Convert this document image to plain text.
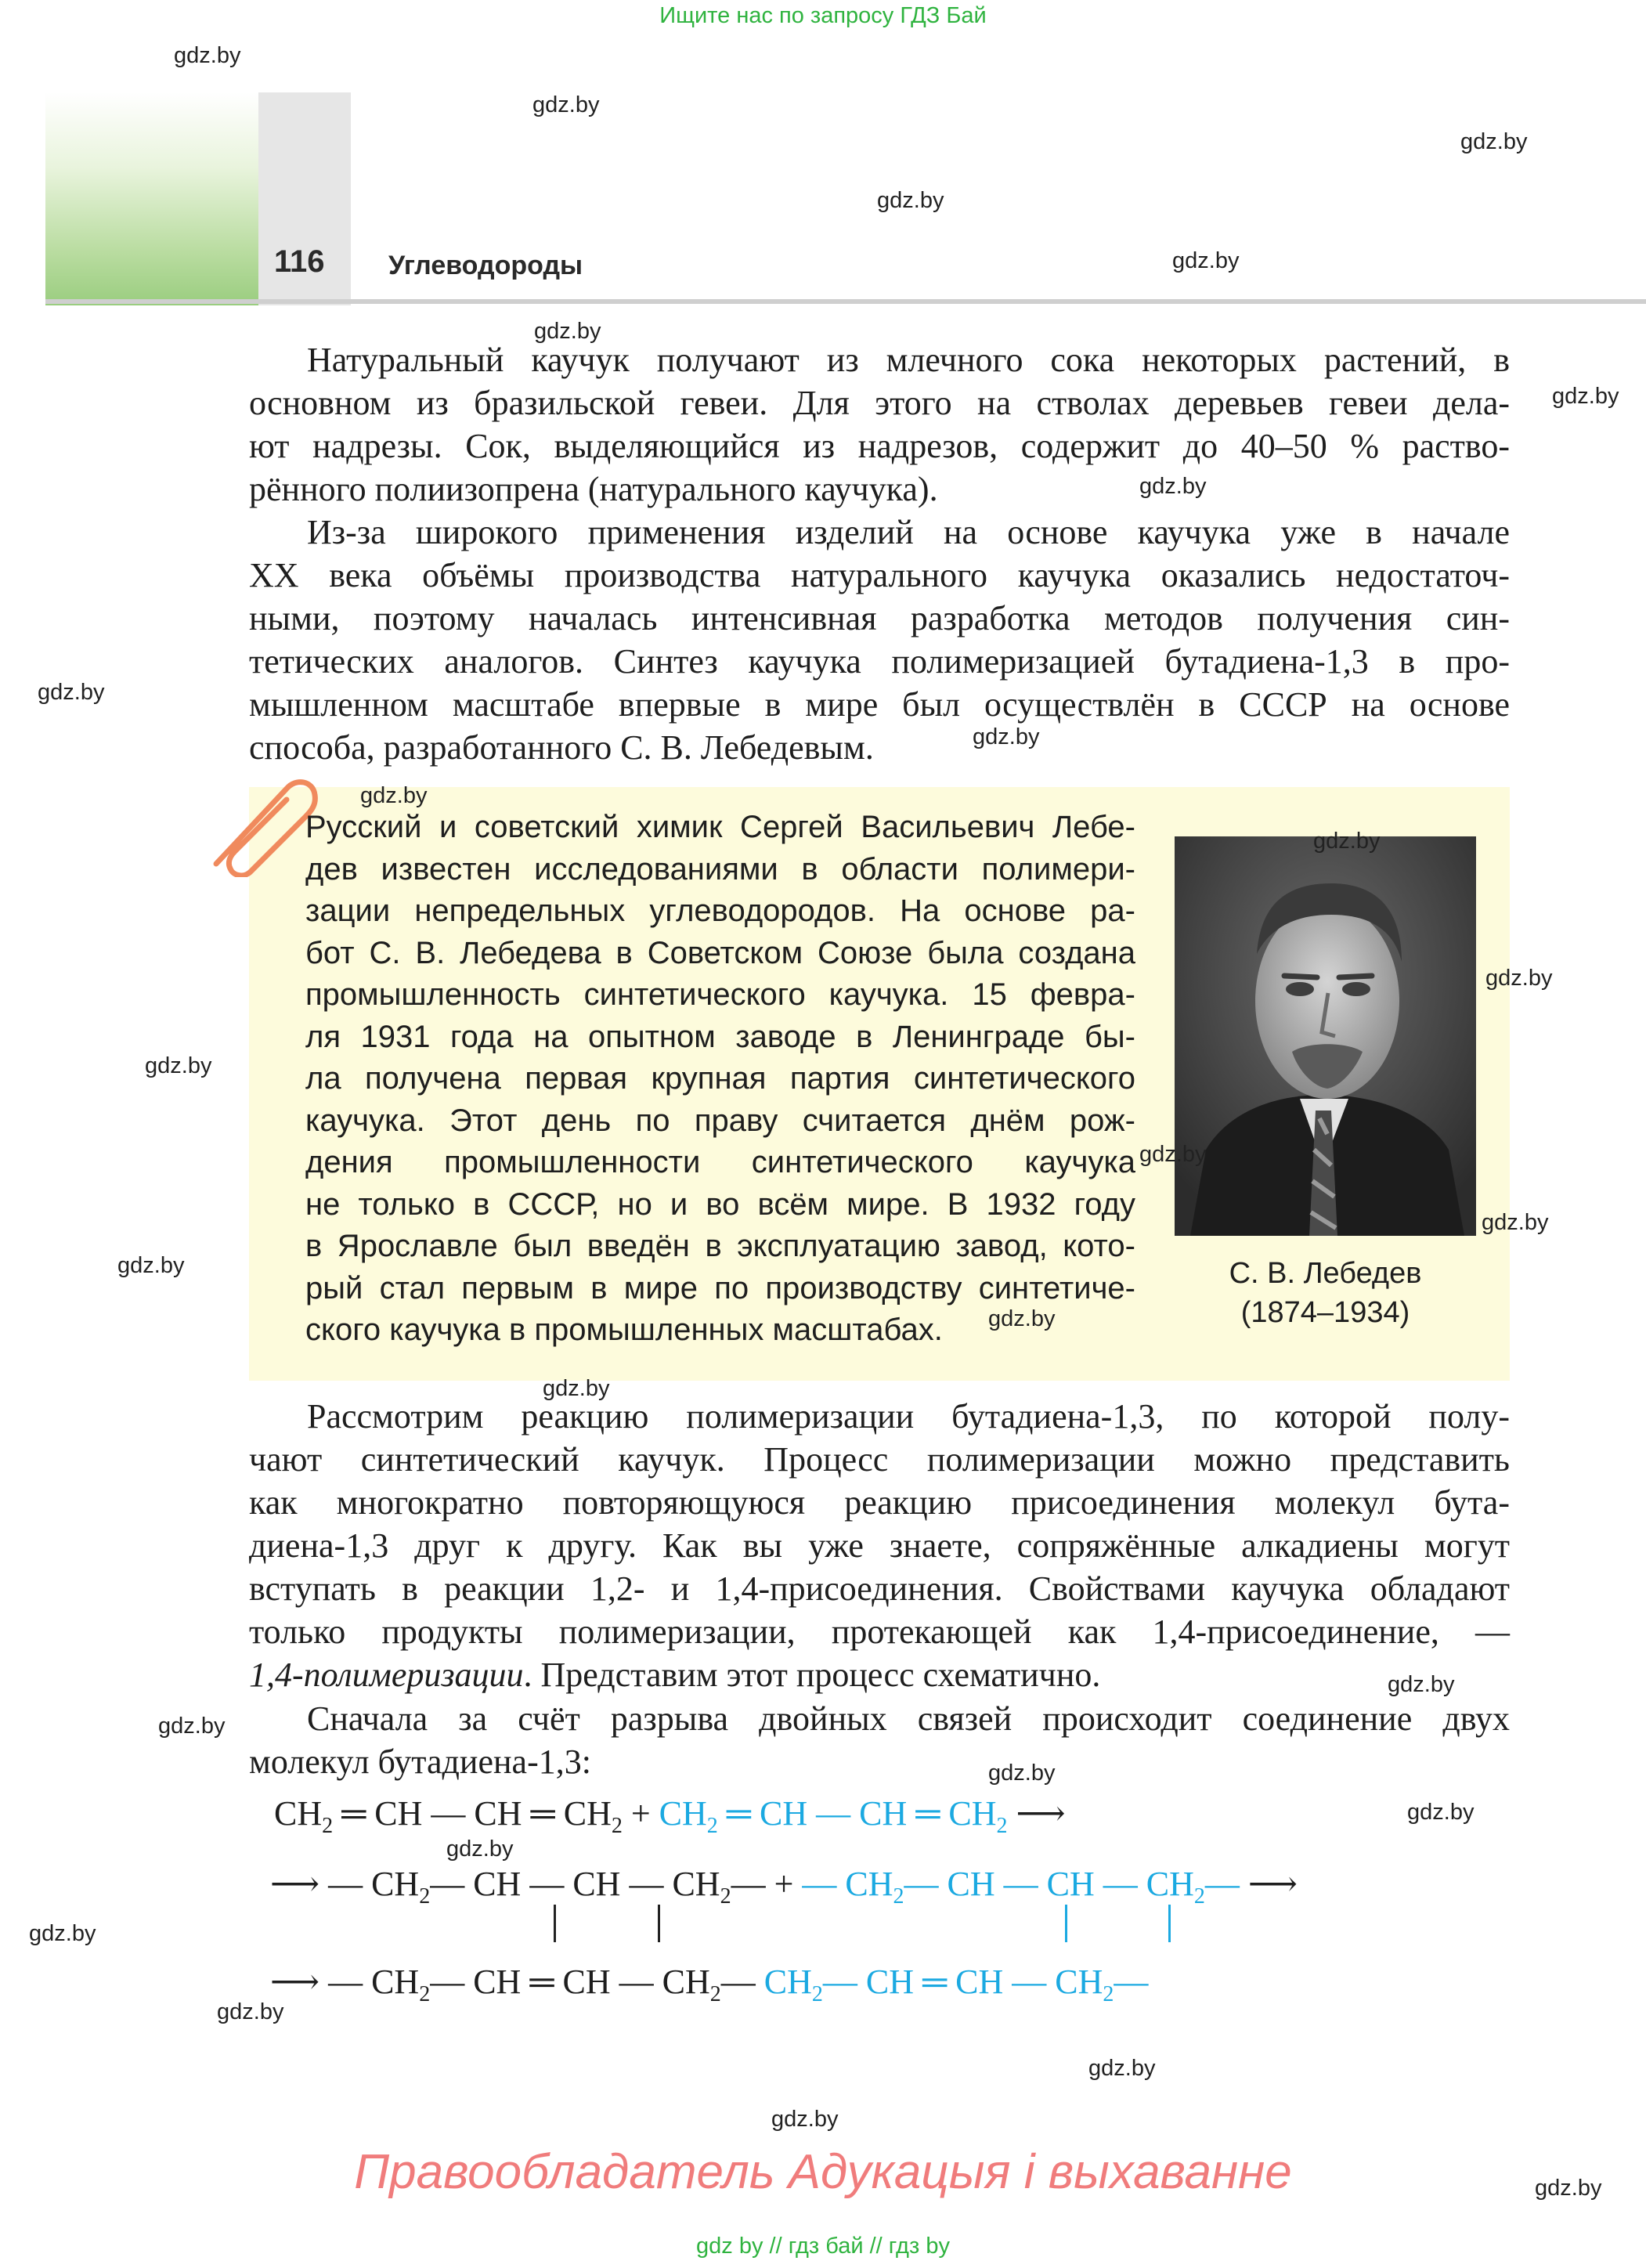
Ищите нас по запросу ГДЗ Бай
116 Углеводороды
Натуральный каучук получают из млечного сока некоторых растений, в
основном из бразильской гевеи. Для этого на стволах деревьев гевеи дела-
ют надрезы. Сок, выделяющийся из надрезов, содержит до 40–50 % раство-
рённого полиизопрена (натурального каучука).
Из-за широкого применения изделий на основе каучука уже в начале
XX века объёмы производства натурального каучука оказались недостаточ-
ными, поэтому началась интенсивная разработка методов получения син-
тетических аналогов. Синтез каучука полимеризацией бутадиена-1,3 в про-
мышленном масштабе впервые в мире был осуществлён в СССР на основе
способа, разработанного С. В. Лебедевым.
Русский и советский химик Сергей Васильевич Лебе-
дев известен исследованиями в области полимери-
зации непредельных углеводородов. На основе ра-
бот С. В. Лебедева в Советском Союзе была создана
промышленность синтетического каучука. 15 февра-
ля 1931 года на опытном заводе в Ленинграде бы-
ла получена первая крупная партия синтетического
каучука. Этот день по праву считается днём рож-
дения промышленности синтетического каучука
не только в СССР, но и во всём мире. В 1932 году
в Ярославле был введён в эксплуатацию завод, кото-
рый стал первым в мире по производству синтетиче-
ского каучука в промышленных масштабах.
С. В. Лебедев
(1874–1934)
Рассмотрим реакцию полимеризации бутадиена-1,3, по которой полу-
чают синтетический каучук. Процесс полимеризации можно представить
как многократно повторяющуюся реакцию присоединения молекул бута-
диена-1,3 друг к другу. Как вы уже знаете, сопряжённые алкадиены могут
вступать в реакции 1,2- и 1,4-присоединения. Свойствами каучука обладают
только продукты полимеризации, протекающей как 1,4-присоединение, —
1,4-полимеризации. Представим этот процесс схематично.
Сначала за счёт разрыва двойных связей происходит соединение двух
молекул бутадиена-1,3:
$CH_2$ ═ CH — CH ═ $CH_2 + CH_2$ ═ CH — CH ═ $CH_2$ ⟶
⟶ — $CH_2—$ CH — CH — $CH_2—$ + — $CH_2—$ CH — CH — $CH_2—$ ⟶
⟶ — $CH_2—$ CH ═ CH — $CH_2—$ $CH_2—$ CH ═ CH — $CH_2—$
Правообладатель Адукацыя і выхаванне
gdz by // гдз бай // гдз by
gdz.by
gdz.by
gdz.by
gdz.by
gdz.by
gdz.by
gdz.by
gdz.by
gdz.by
gdz.by
gdz.by
gdz.by
gdz.by
gdz.by
gdz.by
gdz.by
gdz.by
gdz.by
gdz.by
gdz.by
gdz.by
gdz.by
gdz.by
gdz.by
gdz.by
gdz.by
gdz.by
gdz.by
gdz.by
